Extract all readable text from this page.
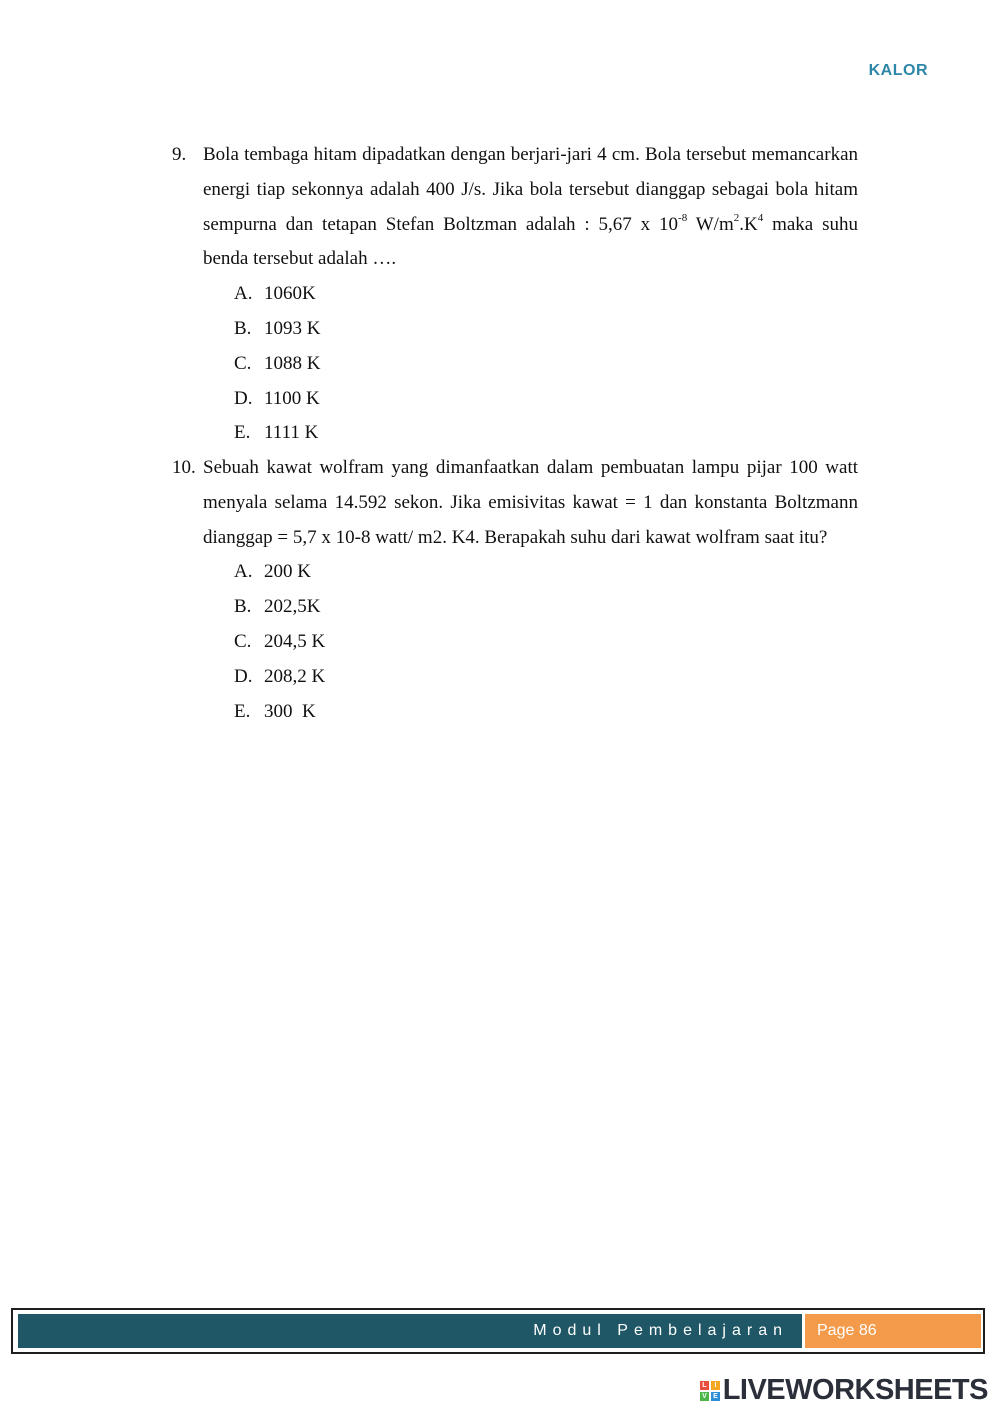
KALOR
9. Bola tembaga hitam dipadatkan dengan berjari-jari 4 cm. Bola tersebut memancarkan energi tiap sekonnya adalah 400 J/s. Jika bola tersebut dianggap sebagai bola hitam sempurna dan tetapan Stefan Boltzman adalah : 5,67 x $10^{-8}$ $W/m^2.K^4$ maka suhu benda tersebut adalah ….
A. 1060K
B. 1093 K
C. 1088 K
D. 1100 K
E. 1111 K
10. Sebuah kawat wolfram yang dimanfaatkan dalam pembuatan lampu pijar 100 watt menyala selama 14.592 sekon. Jika emisivitas kawat = 1 dan konstanta Boltzmann dianggap = 5,7 x 10-8 watt/ m2. K4. Berapakah suhu dari kawat wolfram saat itu?
A. 200 K
B. 202,5K
C. 204,5 K
D. 208,2 K
E. 300  K
Modul Pembelajaran	Page 86
L	I
V E LIVEWORKSHEETS
